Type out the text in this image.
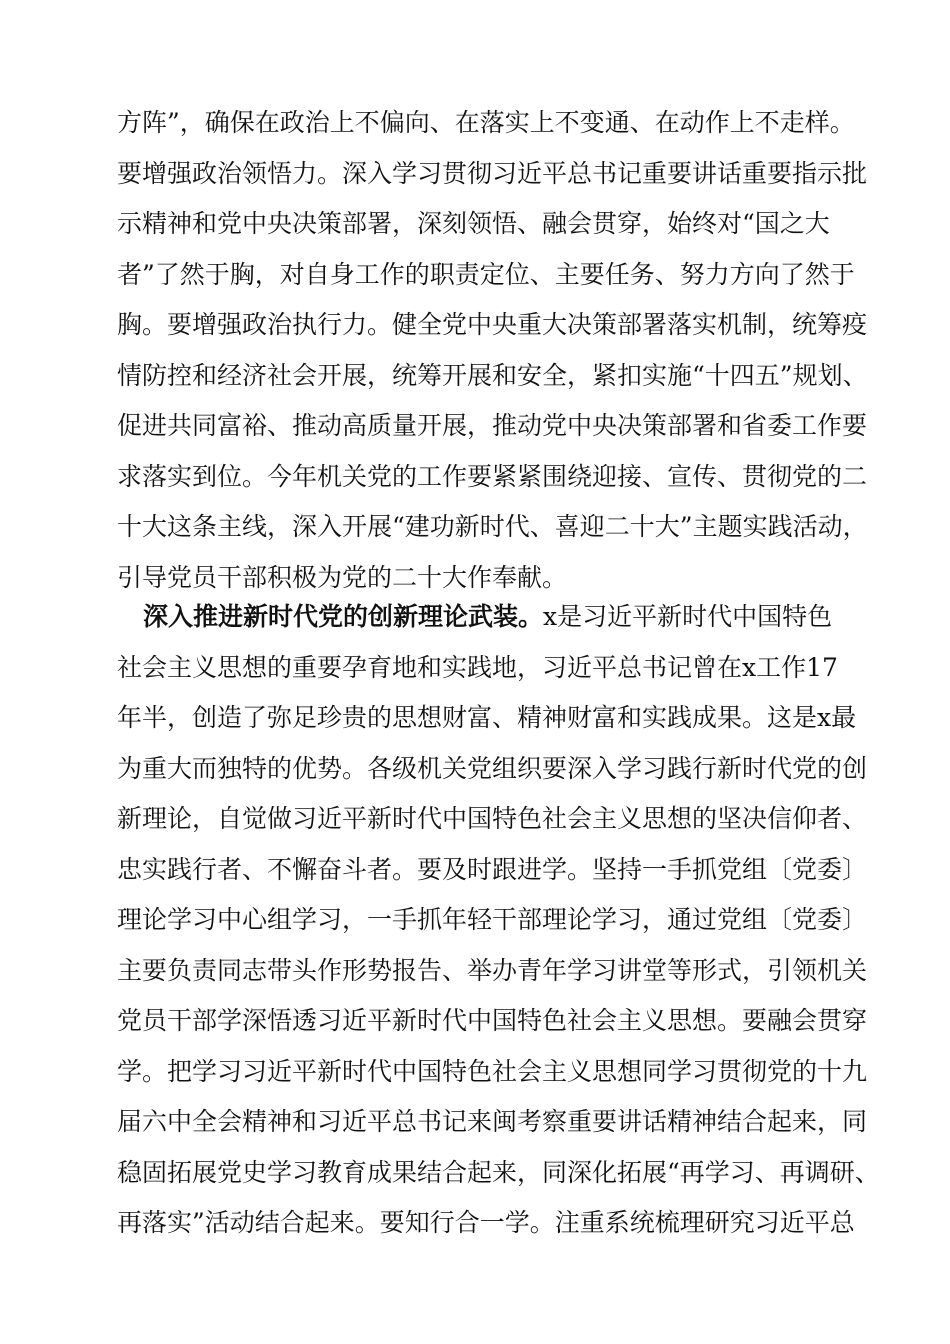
方阵”，确保在政治上不偏向、在落实上不变通、在动作上不走样。
要增强政治领悟力。深入学习贯彻习近平总书记重要讲话重要指示批
示精神和党中央决策部署，深刻领悟、融会贯穿，始终对“国之大
者”了然于胸，对自身工作的职责定位、主要任务、努力方向了然于
胸。要增强政治执行力。健全党中央重大决策部署落实机制，统筹疫
情防控和经济社会开展，统筹开展和安全，紧扣实施“十四五”规划、
促进共同富裕、推动高质量开展，推动党中央决策部署和省委工作要
求落实到位。今年机关党的工作要紧紧围绕迎接、宣传、贯彻党的二
十大这条主线，深入开展“建功新时代、喜迎二十大”主题实践活动，
引导党员干部积极为党的二十大作奉献。
深入推进新时代党的创新理论武装。x是习近平新时代中国特色
社会主义思想的重要孕育地和实践地，习近平总书记曾在x工作17
年半，创造了弥足珍贵的思想财富、精神财富和实践成果。这是x最
为重大而独特的优势。各级机关党组织要深入学习践行新时代党的创
新理论，自觉做习近平新时代中国特色社会主义思想的坚决信仰者、
忠实践行者、不懈奋斗者。要及时跟进学。坚持一手抓党组〔党委〕
理论学习中心组学习，一手抓年轻干部理论学习，通过党组〔党委〕
主要负责同志带头作形势报告、举办青年学习讲堂等形式，引领机关
党员干部学深悟透习近平新时代中国特色社会主义思想。要融会贯穿
学。把学习习近平新时代中国特色社会主义思想同学习贯彻党的十九
届六中全会精神和习近平总书记来闽考察重要讲话精神结合起来，同
稳固拓展党史学习教育成果结合起来，同深化拓展“再学习、再调研、
再落实”活动结合起来。要知行合一学。注重系统梳理研究习近平总
